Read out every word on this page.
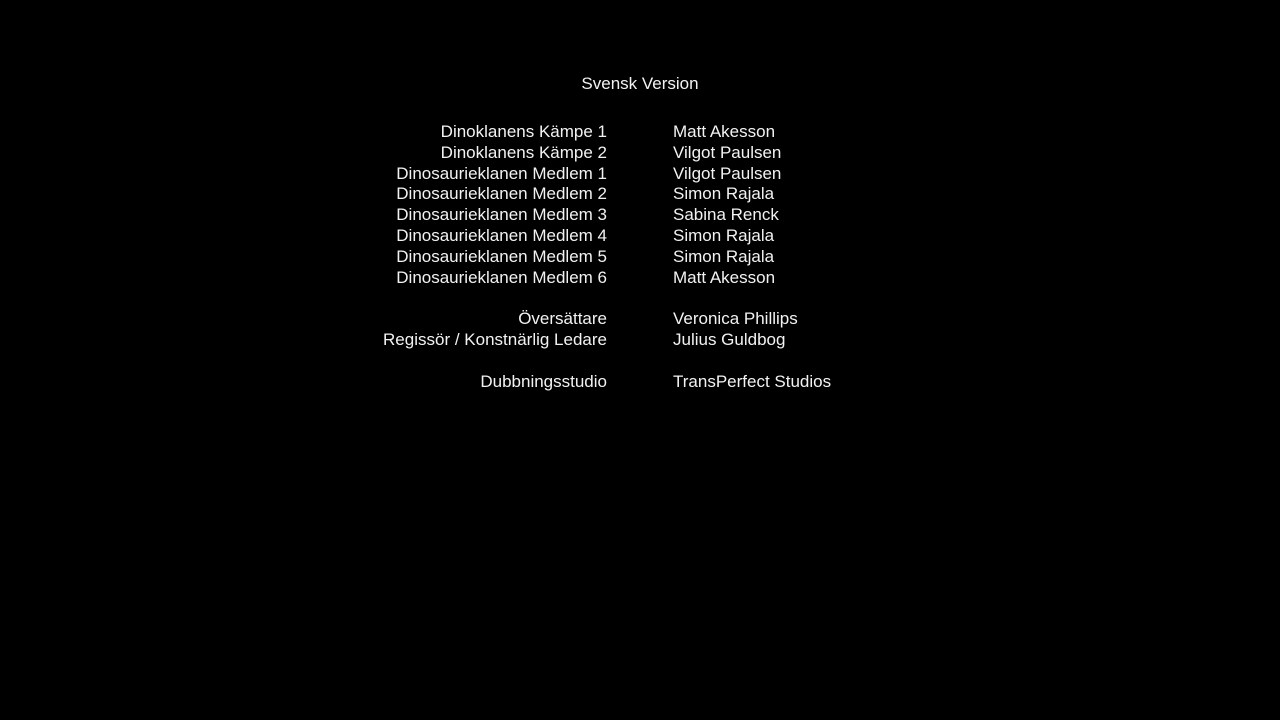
Svensk Version
Dinoklanens Kämpe 1	Matt Akesson
Dinoklanens Kämpe 2	Vilgot Paulsen
Dinosaurieklanen Medlem 1	Vilgot Paulsen
Dinosaurieklanen Medlem 2	Simon Rajala
Dinosaurieklanen Medlem 3	Sabina Renck
Dinosaurieklanen Medlem 4	Simon Rajala
Dinosaurieklanen Medlem 5	Simon Rajala
Dinosaurieklanen Medlem 6	Matt Akesson
Översättare	Veronica Phillips
Regissör / Konstnärlig Ledare	Julius Guldbog
Dubbningsstudio	TransPerfect Studios
